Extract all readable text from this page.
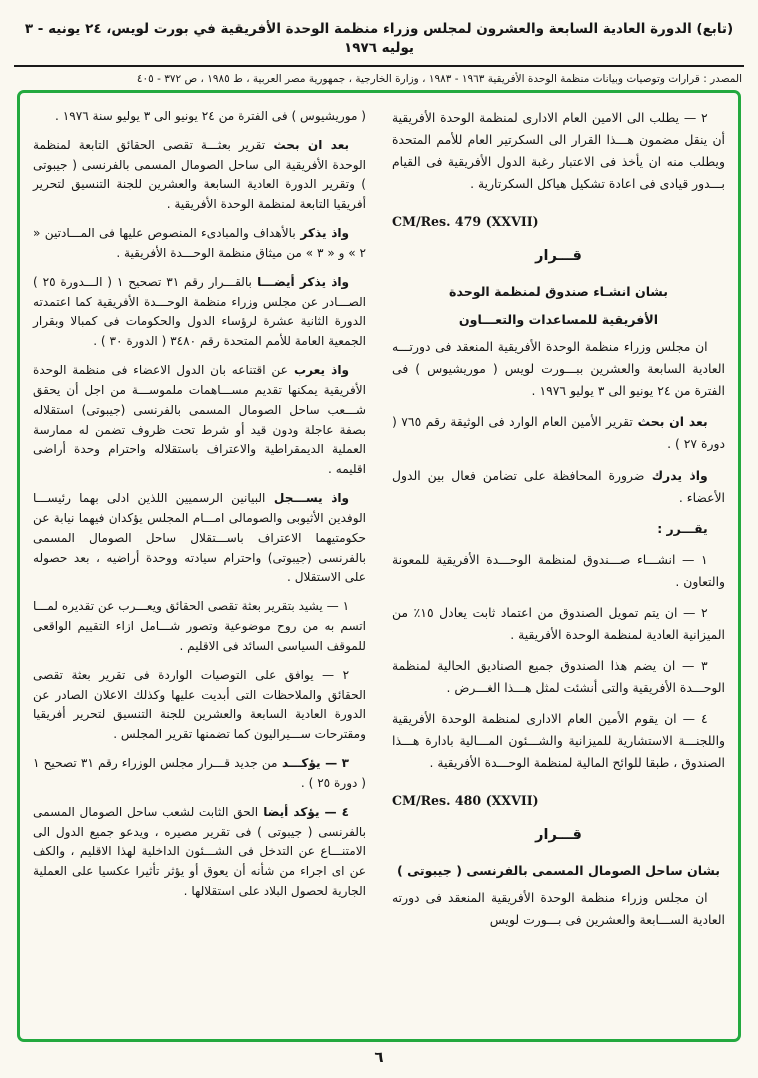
(تابع) الدورة العادية السابعة والعشرون لمجلس وزراء منظمة الوحدة الأفريقية في بورت لويس، ٢٤ يونيه - ٣ يوليه ١٩٧٦
المصدر : قرارات وتوصيات وبيانات منظمة الوحدة الأفريقية ١٩٦٣ - ١٩٨٣ ، وزارة الخارجية ، جمهورية مصر العربية ، ط ١٩٨٥ ، ص ٣٧٢ - ٤٠٥
٢ — يطلب الى الامين العام الادارى لمنظمة الوحدة الأفريقية أن ينقل مضمون هـــذا القرار الى السكرتير العام للأمم المتحدة ويطلب منه ان يأخذ فى الاعتبار رغبة الدول الأفريقية فى القيام بـــدور قيادى فى اعادة تشكيل هياكل السكرتارية .
CM/Res. 479 (XXVII)
قـــرار
بشان انشـاء صندوق لمنظمة الوحدة
الأفريقية للمساعدات والتعـــاون
ان مجلس وزراء منظمة الوحدة الأفريقية المنعقد فى دورتـــه العادية السابعة والعشرين ببـــورت لويس ( موريشيوس ) فى الفترة من ٢٤ يونيو الى ٣ يوليو ١٩٧٦ .
بعد ان بحث تقرير الأمين العام الوارد فى الوثيقة رقم ٧٦٥ ( دورة ٢٧ ) .
واذ يدرك ضرورة المحافظة على تضامن فعال بين الدول الأعضاء .
يقـــرر :
١ — انشـــاء صـــندوق لمنظمة الوحـــدة الأفريقية للمعونة والتعاون .
٢ — ان يتم تمويل الصندوق من اعتماد ثابت يعادل ١٥٪ من الميزانية العادية لمنظمة الوحدة الأفريقية .
٣ — ان يضم هذا الصندوق جميع الصناديق الحالية لمنظمة الوحـــدة الأفريقية والتى أنشئت لمثل هـــذا الغـــرض .
٤ — ان يقوم الأمين العام الادارى لمنظمة الوحدة الأفريقية واللجنـــة الاستشارية للميزانية والشـــئون المـــالية بادارة هـــذا الصندوق ، طبقا للوائح المالية لمنظمة الوحـــدة الأفريقية .
CM/Res. 480 (XXVII)
قـــرار
بشان ساحل الصومال المسمى بالفرنسى ( جيبوتى )
ان مجلس وزراء منظمة الوحدة الأفريقية المنعقد فى دورته العادية الســـابعة والعشرين فى بـــورت لويس
( موريشيوس ) فى الفترة من ٢٤ يونيو الى ٣ يوليو سنة ١٩٧٦ .
بعد ان بحث تقرير بعثـــة تقصى الحقائق التابعة لمنظمة الوحدة الأفريقية الى ساحل الصومال المسمى بالفرنسى ( جيبوتى ) وتقرير الدورة العادية السابعة والعشرين للجنة التنسيق لتحرير أفريقيا التابعة لمنظمة الوحدة الأفريقية .
واذ يذكر بالأهداف والمبادىء المنصوص عليها فى المـــادتين « ٢ » و « ٣ » من ميثاق منظمة الوحـــدة الأفريقية .
واذ يذكر أيضـــا بالقـــرار رقم ٣١ تصحيح ١ ( الـــدورة ٢٥ ) الصـــادر عن مجلس وزراء منظمة الوحـــدة الأفريقية كما اعتمدته الدورة الثانية عشرة لرؤساء الدول والحكومات فى كمبالا وبقرار الجمعية العامة للأمم المتحدة رقم ٣٤٨٠ ( الدورة ٣٠ ) .
واذ يعرب عن اقتناعه بان الدول الاعضاء فى منظمة الوحدة الأفريقية يمكنها تقديم مســـاهمات ملموســـة من اجل أن يحقق شـــعب ساحل الصومال المسمى بالفرنسى (جيبوتى) استقلاله بصفة عاجلة ودون قيد أو شرط تحت ظروف تضمن له ممارسة العملية الديمقراطية والاعتراف باستقلاله واحترام وحدة أراضى اقليمه .
واذ يســـجل البيانين الرسميين اللذين ادلى بهما رئيســـا الوفدين الأثيوبى والصومالى امـــام المجلس يؤكدان فيهما نيابة عن حكومتيهما الاعتراف باســـتقلال ساحل الصومال المسمى بالفرنسى (جيبوتى) واحترام سيادته ووحدة أراضيه ، بعد حصوله على الاستقلال .
١ — يشيد بتقرير بعثة تقصى الحقائق ويعـــرب عن تقديره لمـــا اتسم به من روح موضوعية وتصور شـــامل ازاء التقييم الواقعى للموقف السياسى السائد فى الاقليم .
٢ — يوافق على التوصيات الواردة فى تقرير بعثة تقصى الحقائق والملاحظات التى أبديت عليها وكذلك الاعلان الصادر عن الدورة العادية السابعة والعشرين للجنة التنسيق لتحرير أفريقيا ومقترحات ســـيراليون كما تضمنها تقرير المجلس .
٣ — يؤكـــد من جديد قـــرار مجلس الوزراء رقم ٣١ تصحيح ١ ( دورة ٢٥ ) .
٤ — يؤكد أيضا الحق الثابت لشعب ساحل الصومال المسمى بالفرنسى ( جيبوتى ) فى تقرير مصيره ، ويدعو جميع الدول الى الامتنـــاع عن التدخل فى الشـــئون الداخلية لهذا الاقليم ، والكف عن اى اجراء من شأنه أن يعوق أو يؤثر تأثيرا عكسيا على العملية الجارية لحصول البلاد على استقلالها .
٦
